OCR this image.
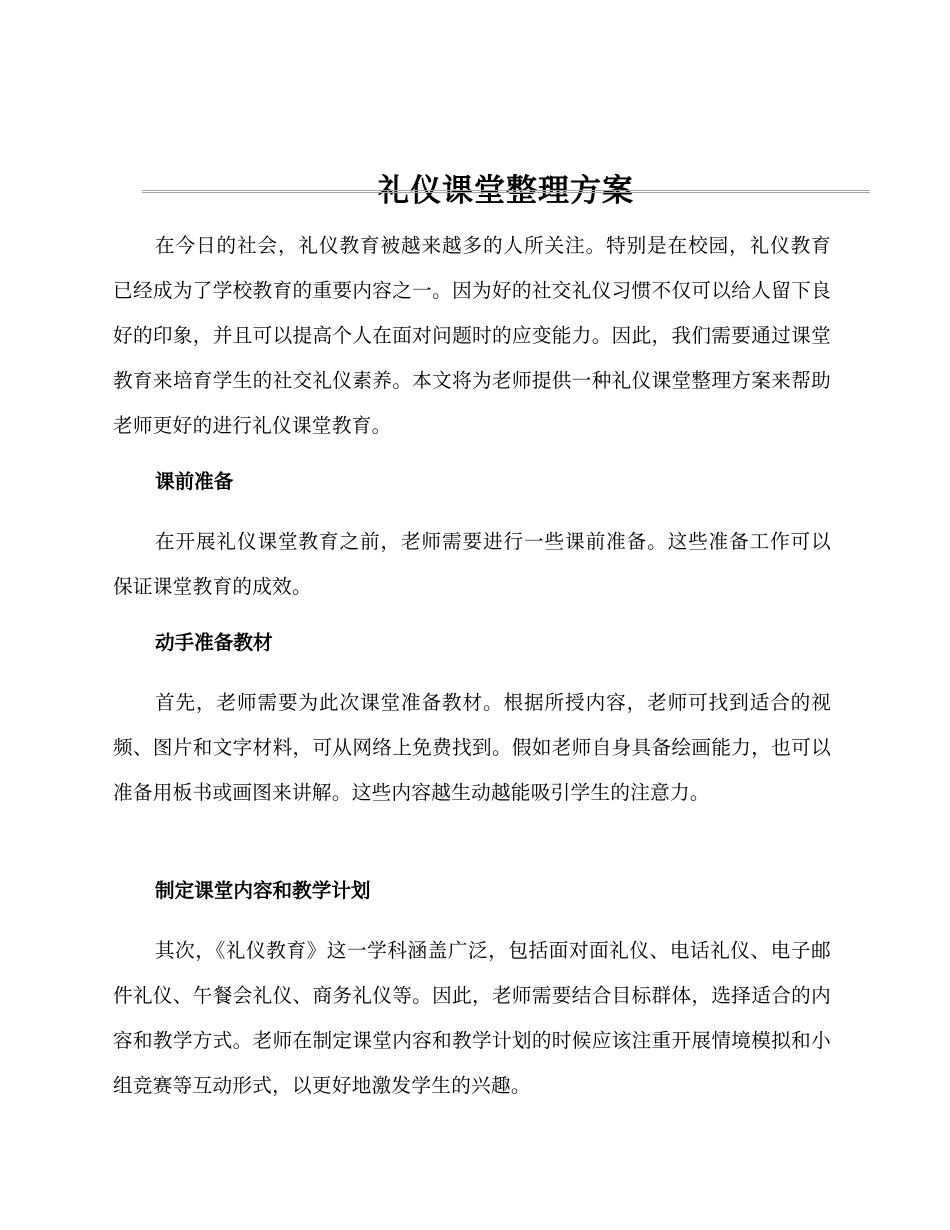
礼仪课堂整理方案

在今日的社会，礼仪教育被越来越多的人所关注。特别是在校园，礼仪教育已经成为了学校教育的重要内容之一。因为好的社交礼仪习惯不仅可以给人留下良好的印象，并且可以提高个人在面对问题时的应变能力。因此，我们需要通过课堂教育来培育学生的社交礼仪素养。本文将为老师提供一种礼仪课堂整理方案来帮助老师更好的进行礼仪课堂教育。

课前准备

在开展礼仪课堂教育之前，老师需要进行一些课前准备。这些准备工作可以保证课堂教育的成效。

动手准备教材

首先，老师需要为此次课堂准备教材。根据所授内容，老师可找到适合的视频、图片和文字材料，可从网络上免费找到。假如老师自身具备绘画能力，也可以准备用板书或画图来讲解。这些内容越生动越能吸引学生的注意力。

制定课堂内容和教学计划

其次，《礼仪教育》这一学科涵盖广泛，包括面对面礼仪、电话礼仪、电子邮件礼仪、午餐会礼仪、商务礼仪等。因此，老师需要结合目标群体，选择适合的内容和教学方式。老师在制定课堂内容和教学计划的时候应该注重开展情境模拟和小组竞赛等互动形式，以更好地激发学生的兴趣。
